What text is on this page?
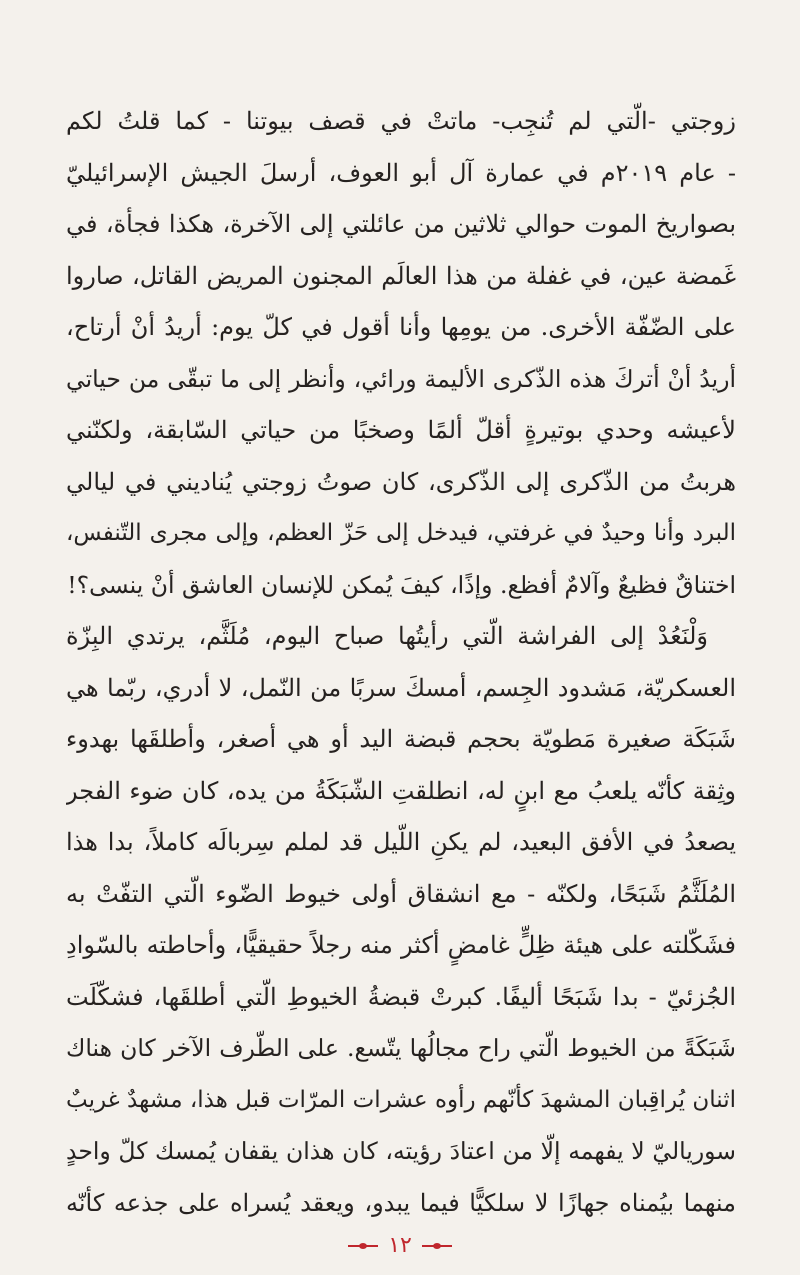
زوجتي -الّتي لم تُنجِب- ماتتْ في قصف بيوتنا - كما قلتُ لكم
- عام ٢٠١٩م في عمارة آل أبو العوف، أرسلَ الجيش الإسرائيليّ
بصواريخ الموت حوالي ثلاثين من عائلتي إلى الآخرة، هكذا فجأة، في
غَمضة عين، في غفلة من هذا العالَم المجنون المريض القاتل، صاروا
على الضّفّة الأخرى. من يومِها وأنا أقول في كلّ يوم: أريدُ أنْ أرتاح،
أريدُ أنْ أتركَ هذه الذّكرى الأليمة ورائي، وأنظر إلى ما تبقّى من حياتي
لأعيشه وحدي بوتيرةٍ أقلّ ألمًا وصخبًا من حياتي السّابقة، ولكنّني
هربتُ من الذّكرى إلى الذّكرى، كان صوتُ زوجتي يُناديني في ليالي
البرد وأنا وحيدٌ في غرفتي، فيدخل إلى حَزّ العظم، وإلى مجرى التّنفس،
اختناقٌ فظيعٌ وآلامٌ أفظع. وإذًا، كيفَ يُمكن للإنسان العاشق أنْ ينسى؟!
وَلْنَعُدْ إلى الفراشة الّتي رأيتُها صباح اليوم، مُلَثَّم، يرتدي البِزّة
العسكريّة، مَشدود الجِسم، أمسكَ سربًا من النّمل، لا أدري، ربّما هي
شَبَكَة صغيرة مَطويّة بحجم قبضة اليد أو هي أصغر، وأطلقَها بهدوء
وثِقة كأنّه يلعبُ مع ابنٍ له، انطلقتِ الشّبَكَةُ من يده، كان ضوء الفجر
يصعدُ في الأفق البعيد، لم يكنِ اللّيل قد لملم سِربالَه كاملاً، بدا هذا
المُلَثَّمُ شَبَحًا، ولكنّه - مع انشقاق أولى خيوط الضّوء الّتي التفّتْ به
فشَكّلته على هيئة ظِلٍّ غامضٍ أكثر منه رجلاً حقيقيًّا، وأحاطته بالسّوادِ
الجُزئيّ - بدا شَبَحًا أليفًا. كبرتْ قبضةُ الخيوطِ الّتي أطلقَها، فشكّلَت
شَبَكَةً من الخيوط الّتي راح مجالُها يتّسع. على الطّرف الآخر كان هناك
اثنان يُراقِبان المشهدَ كأنّهم رأوه عشرات المرّات قبل هذا، مشهدٌ غريبٌ
سورياليّ لا يفهمه إلّا من اعتادَ رؤيته، كان هذان يقفان يُمسك كلّ واحدٍ
منهما بيُمناه جهازًا لا سلكيًّا فيما يبدو، ويعقد يُسراه على جذعه كأنّه
١٢
